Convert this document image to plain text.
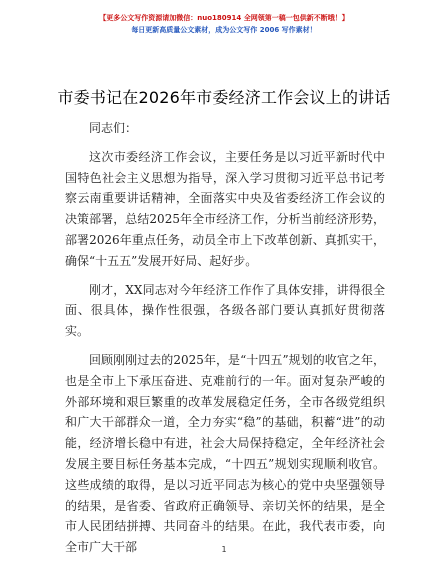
【更多公文写作资源请加微信：nuo180914 全网领第一稿一包供新不断哦！】
每日更新高质量公文素材，成为公文写作 2006 写作素材！
市委书记在2026年市委经济工作会议上的讲话

同志们：

这次市委经济工作会议，主要任务是以习近平新时代中国特色社会主义思想为指导，深入学习贯彻习近平总书记考察云南重要讲话精神，全面落实中央及省委经济工作会议的决策部署，总结2025年全市经济工作，分析当前经济形势，部署2026年重点任务，动员全市上下改革创新、真抓实干，确保“十五五”发展开好局、起好步。

刚才，XX同志对今年经济工作作了具体安排，讲得很全面、很具体，操作性很强，各级各部门要认真抓好贯彻落实。

回顾刚刚过去的2025年，是“十四五”规划的收官之年，也是全市上下承压奋进、克难前行的一年。面对复杂严峻的外部环境和艰巨繁重的改革发展稳定任务，全市各级党组织和广大干部群众一道，全力夯实“稳”的基础，积蓄“进”的动能，经济增长稳中有进，社会大局保持稳定，全年经济社会发展主要目标任务基本完成，“十四五”规划实现顺利收官。这些成绩的取得，是以习近平同志为核心的党中央坚强领导的结果，是省委、省政府正确领导、亲切关怀的结果，是全市人民团结拼搏、共同奋斗的结果。在此，我代表市委，向全市广大干部	1
